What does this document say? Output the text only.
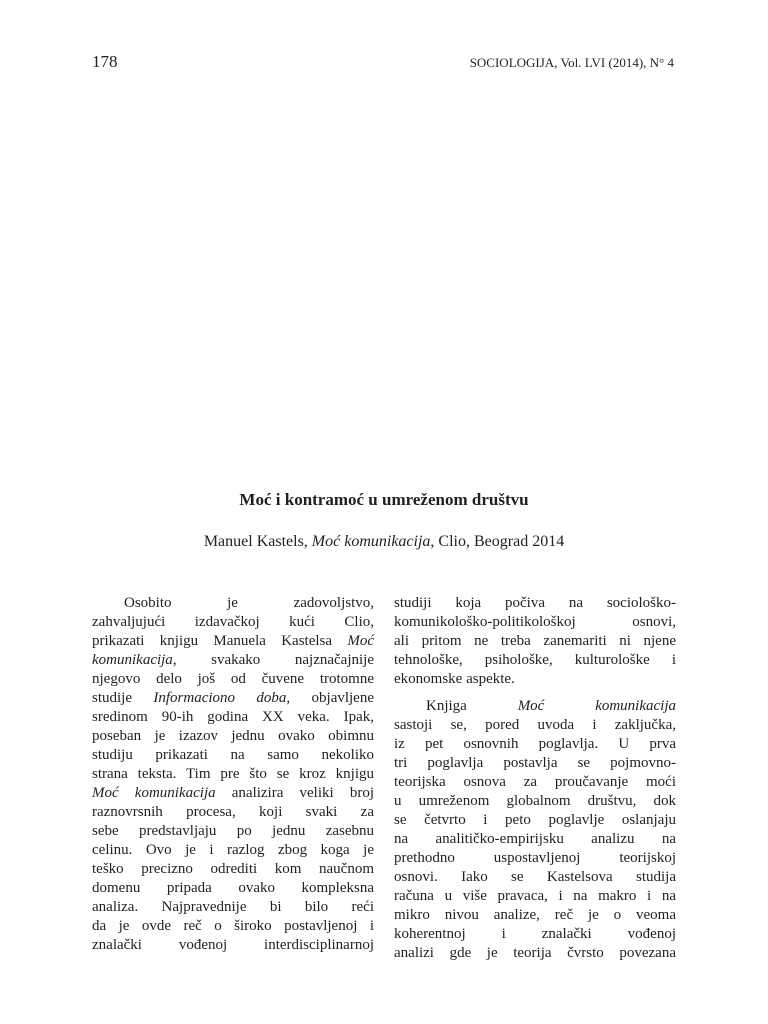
178	SOCIOLOGIJA, Vol. LVI (2014), N° 4
Moć i kontramoć u umreženom društvu
Manuel Kastels, Moć komunikacija, Clio, Beograd 2014
Osobito je zadovoljstvo,
zahvaljujući izdavačkoj kući Clio,
prikazati knjigu Manuela Kastelsa Moć
komunikacija, svakako najznačajnije
njegovo delo još od čuvene trotomne
studije Informaciono doba, objavljene
sredinom 90-ih godina XX veka. Ipak,
poseban je izazov jednu ovako obimnu
studiju prikazati na samo nekoliko
strana teksta. Tim pre što se kroz knjigu
Moć komunikacija analizira veliki broj
raznovrsnih procesa, koji svaki za
sebe predstavljaju po jednu zasebnu
celinu. Ovo je i razlog zbog koga je
teško precizno odrediti kom naučnom
domenu pripada ovako kompleksna
analiza. Najpravednije bi bilo reći
da je ovde reč o široko postavljenoj i
znalački vođenoj interdisciplinarnoj
studiji koja počiva na sociološko-
komunikološko-politikološkoj osnovi,
ali pritom ne treba zanemariti ni njene
tehnološke, psihološke, kulturološke i
ekonomske aspekte.
Knjiga Moć komunikacija
sastoji se, pored uvoda i zaključka,
iz pet osnovnih poglavlja. U prva
tri poglavlja postavlja se pojmovno-
teorijska osnova za proučavanje moći
u umreženom globalnom društvu, dok
se četvrto i peto poglavlje oslanjaju
na analitičko-empirijsku analizu na
prethodno uspostavljenoj teorijskoj
osnovi. Iako se Kastelsova studija
računa u više pravaca, i na makro i na
mikro nivou analize, reč je o veoma
koherentnoj i znalački vođenoj
analizi gde je teorija čvrsto povezana
